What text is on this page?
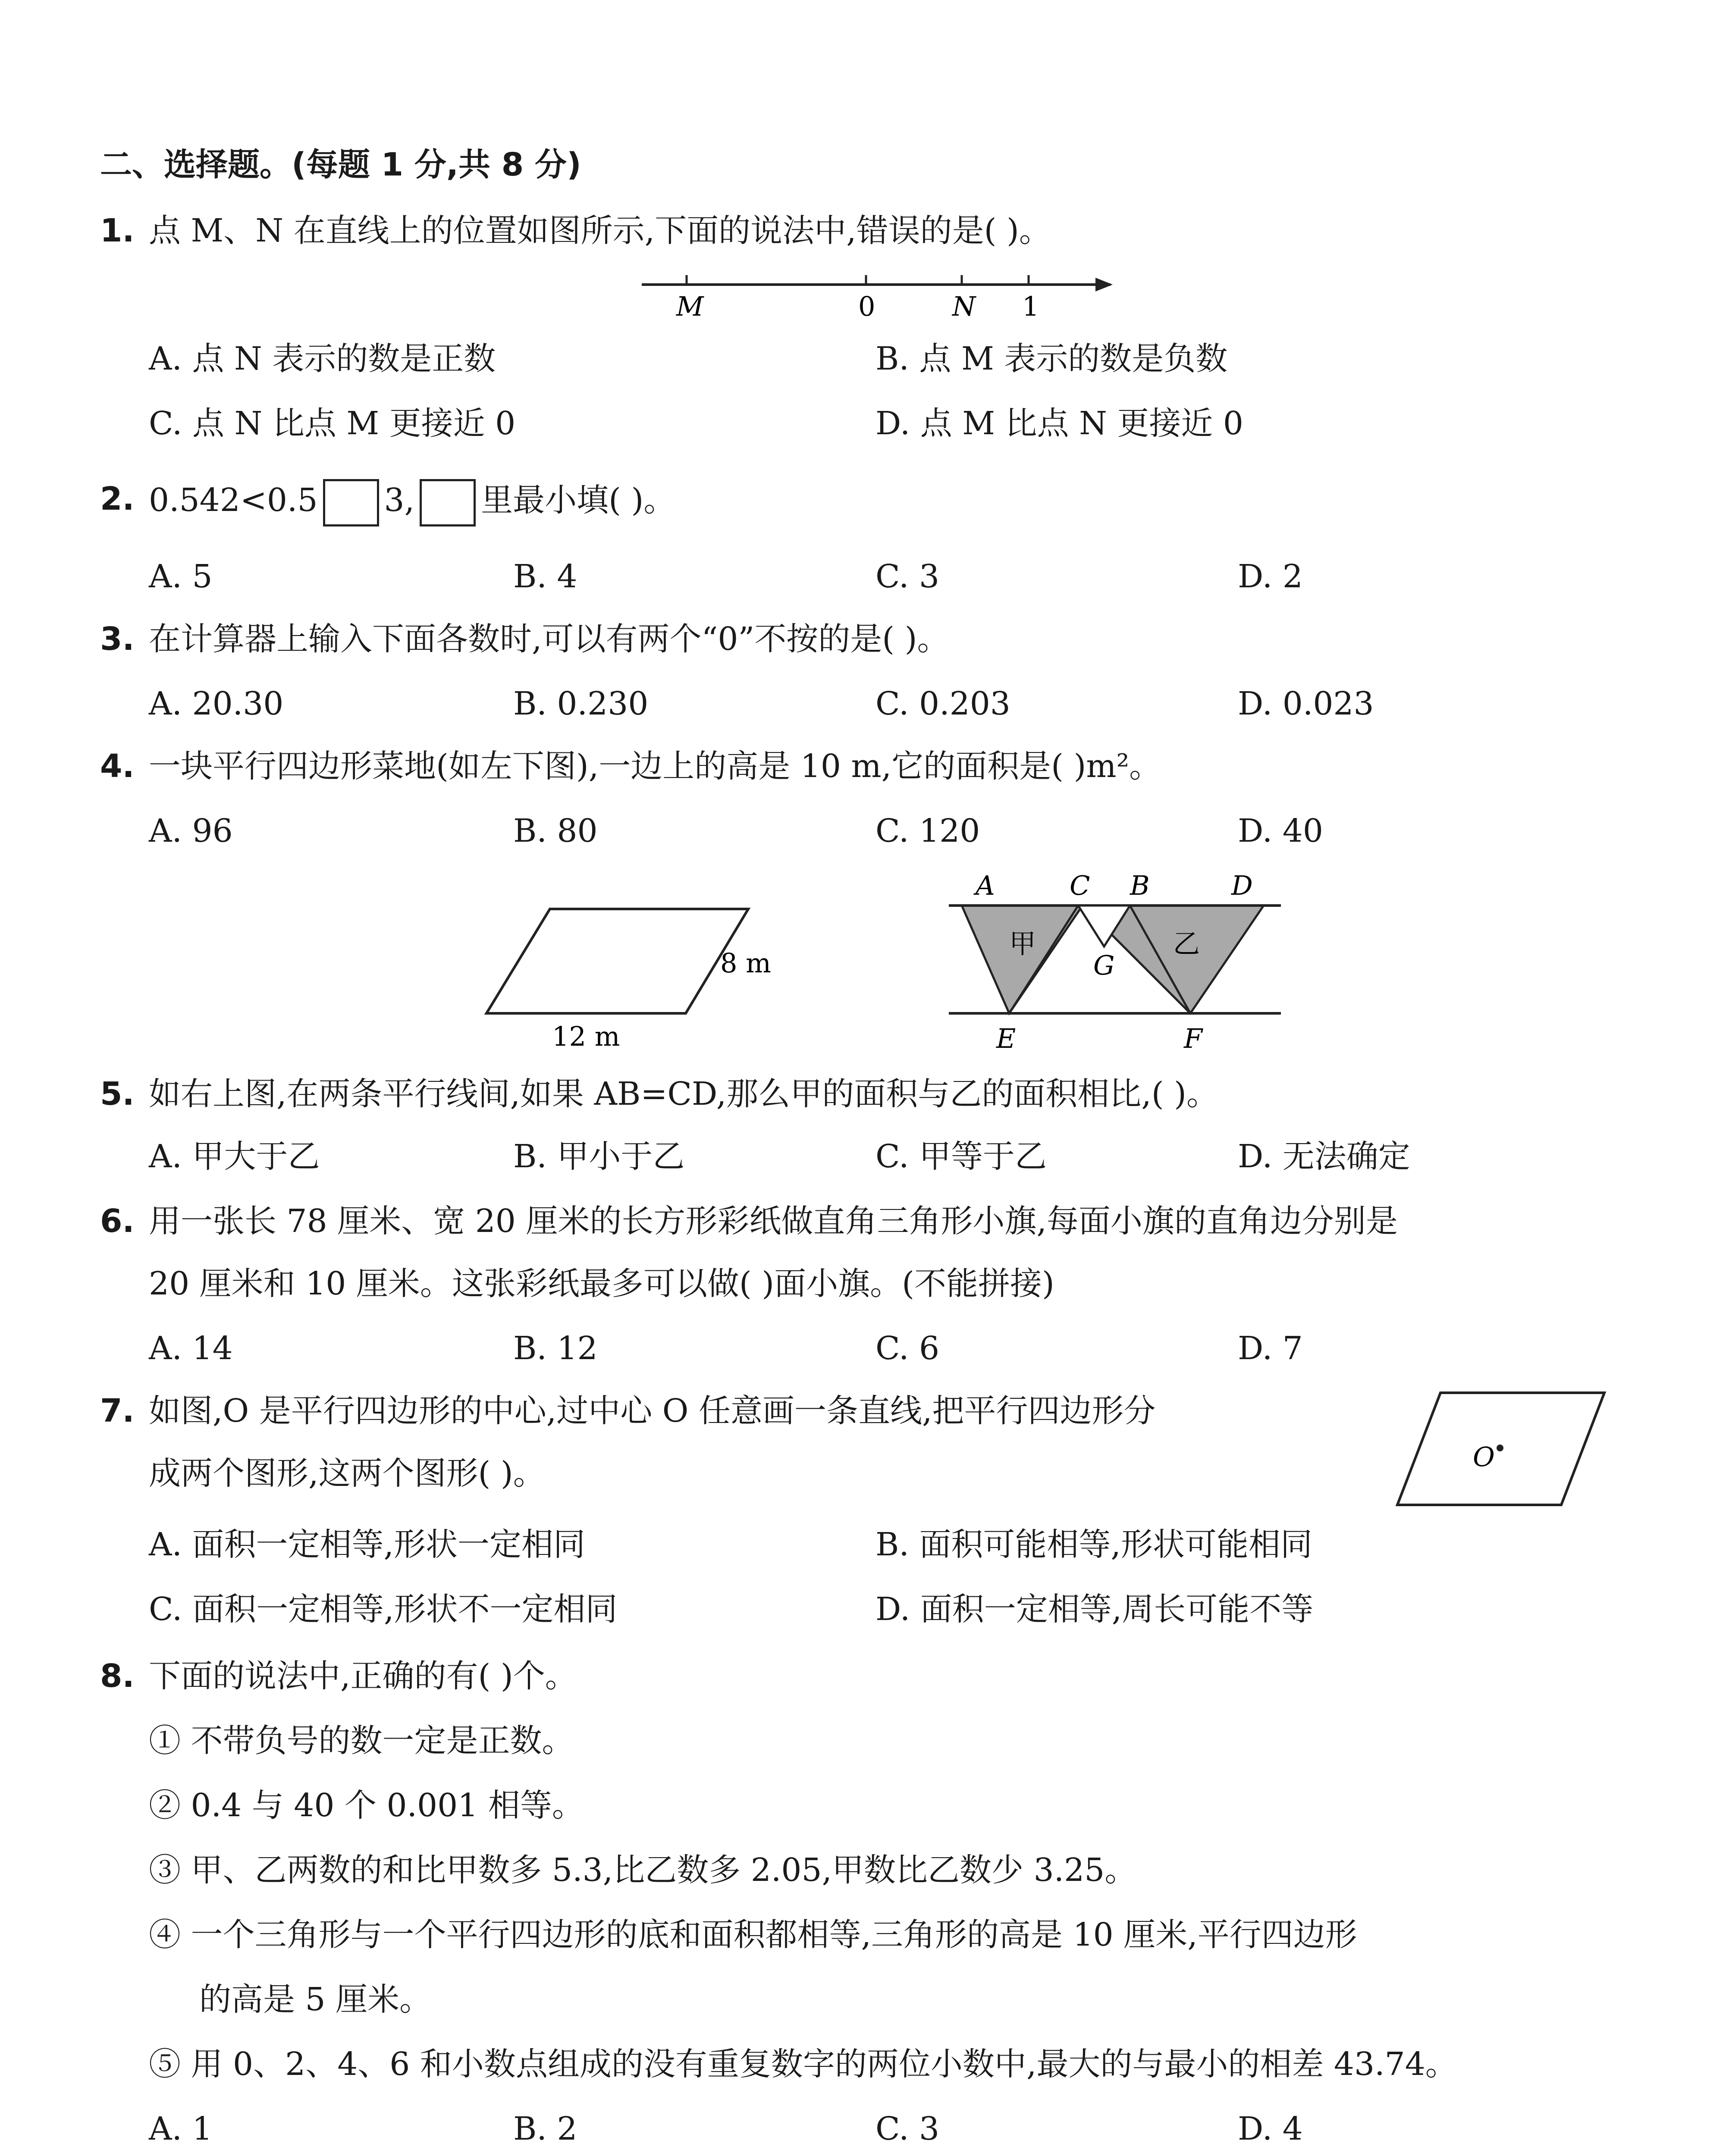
二、选择题。(每题 1 分,共 8 分)
1. 点 M、N 在直线上的位置如图所示,下面的说法中,错误的是( )。
M	0	N 1
A. 点 N 表示的数是正数	B. 点 M 表示的数是负数
C. 点 N 比点 M 更接近 0	D. 点 M 比点 N 更接近 0
2. 0.542<0.5 3, 里最小填( )。
A. 5	B. 4	C. 3	D. 2
3. 在计算器上输入下面各数时,可以有两个“0”不按的是( )。
A. 20.30	B. 0.230	C. 0.203	D. 0.023
4. 一块平行四边形菜地(如左下图),一边上的高是 10 m,它的面积是( )m²。
A. 96	B. 80	C. 120	D. 40
8 m
12 m
A	C B	D
G
E	F
甲	乙
5. 如右上图,在两条平行线间,如果 AB=CD,那么甲的面积与乙的面积相比,( )。
A. 甲大于乙	B. 甲小于乙	C. 甲等于乙	D. 无法确定
6. 用一张长 78 厘米、宽 20 厘米的长方形彩纸做直角三角形小旗,每面小旗的直角边分别是
20 厘米和 10 厘米。这张彩纸最多可以做( )面小旗。(不能拼接)
A. 14	B. 12	C. 6	D. 7
7. 如图,O 是平行四边形的中心,过中心 O 任意画一条直线,把平行四边形分
成两个图形,这两个图形( )。	O
A. 面积一定相等,形状一定相同	B. 面积可能相等,形状可能相同
C. 面积一定相等,形状不一定相同	D. 面积一定相等,周长可能不等
8. 下面的说法中,正确的有( )个。
① 不带负号的数一定是正数。
② 0.4 与 40 个 0.001 相等。
③ 甲、乙两数的和比甲数多 5.3,比乙数多 2.05,甲数比乙数少 3.25。
④ 一个三角形与一个平行四边形的底和面积都相等,三角形的高是 10 厘米,平行四边形
的高是 5 厘米。
⑤ 用 0、2、4、6 和小数点组成的没有重复数字的两位小数中,最大的与最小的相差 43.74。
A. 1	B. 2	C. 3	D. 4
